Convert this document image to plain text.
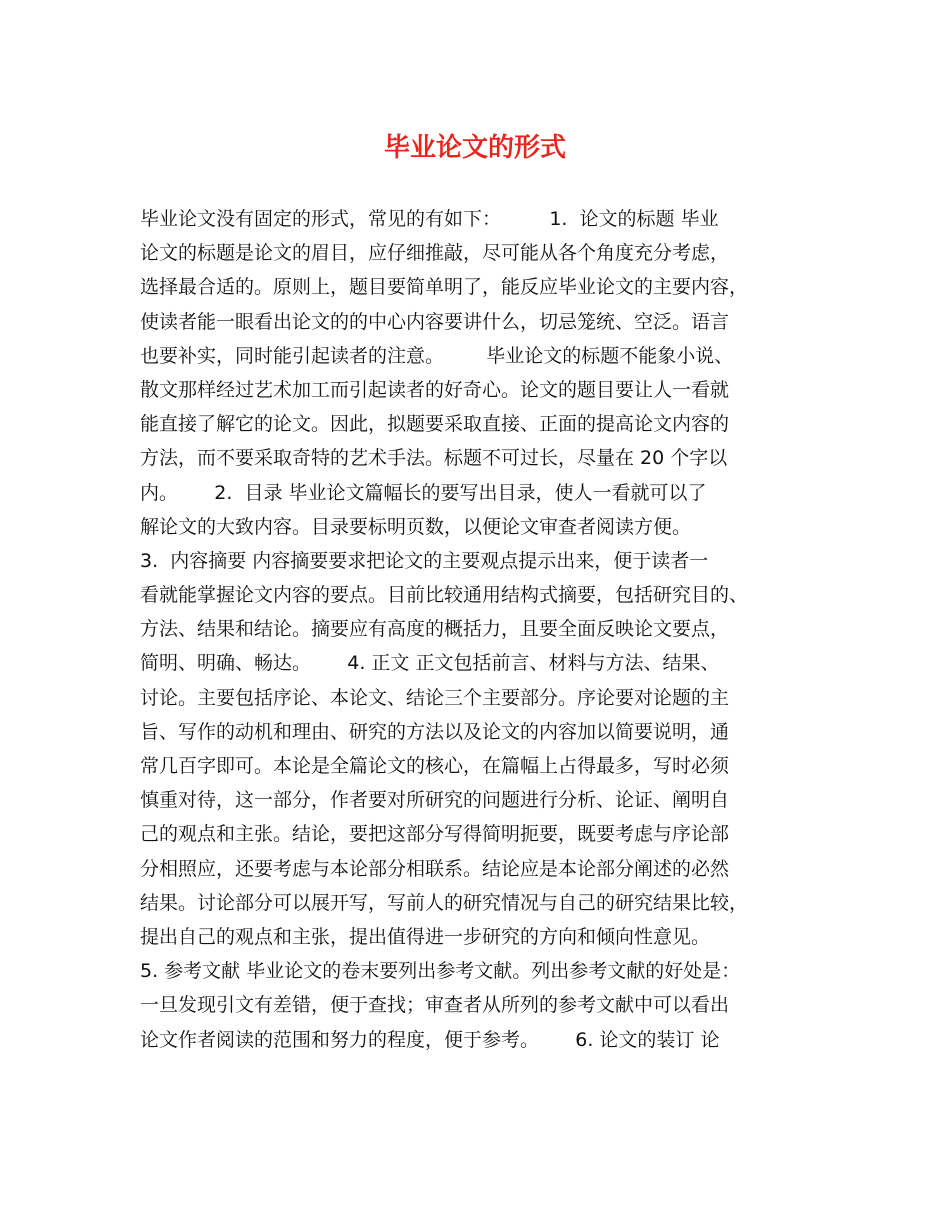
毕业论文的形式
毕业论文没有固定的形式，常见的有如下：        1.  论文的标题 毕业
论文的标题是论文的眉目，应仔细推敲，尽可能从各个角度充分考虑，
选择最合适的。原则上，题目要简单明了，能反应毕业论文的主要内容，
使读者能一眼看出论文的的中心内容要讲什么，切忌笼统、空泛。语言
也要补实，同时能引起读者的注意。       毕业论文的标题不能象小说、
散文那样经过艺术加工而引起读者的好奇心。论文的题目要让人一看就
能直接了解它的论文。因此，拟题要采取直接、正面的提高论文内容的
方法，而不要采取奇特的艺术手法。标题不可过长，尽量在 20 个字以
内。      2.  目录 毕业论文篇幅长的要写出目录，使人一看就可以了
解论文的大致内容。目录要标明页数，以便论文审查者阅读方便。
3.  内容摘要 内容摘要要求把论文的主要观点提示出来，便于读者一
看就能掌握论文内容的要点。目前比较通用结构式摘要，包括研究目的、
方法、结果和结论。摘要应有高度的概括力，且要全面反映论文要点，
简明、明确、畅达。      4. 正文 正文包括前言、材料与方法、结果、
讨论。主要包括序论、本论文、结论三个主要部分。序论要对论题的主
旨、写作的动机和理由、研究的方法以及论文的内容加以简要说明，通
常几百字即可。本论是全篇论文的核心，在篇幅上占得最多，写时必须
慎重对待，这一部分，作者要对所研究的问题进行分析、论证、阐明自
己的观点和主张。结论，要把这部分写得简明扼要，既要考虑与序论部
分相照应，还要考虑与本论部分相联系。结论应是本论部分阐述的必然
结果。讨论部分可以展开写，写前人的研究情况与自己的研究结果比较，
提出自己的观点和主张，提出值得进一步研究的方向和倾向性意见。
5. 参考文献 毕业论文的卷末要列出参考文献。列出参考文献的好处是：
一旦发现引文有差错，便于查找；审查者从所列的参考文献中可以看出
论文作者阅读的范围和努力的程度，便于参考。      6. 论文的装订 论
